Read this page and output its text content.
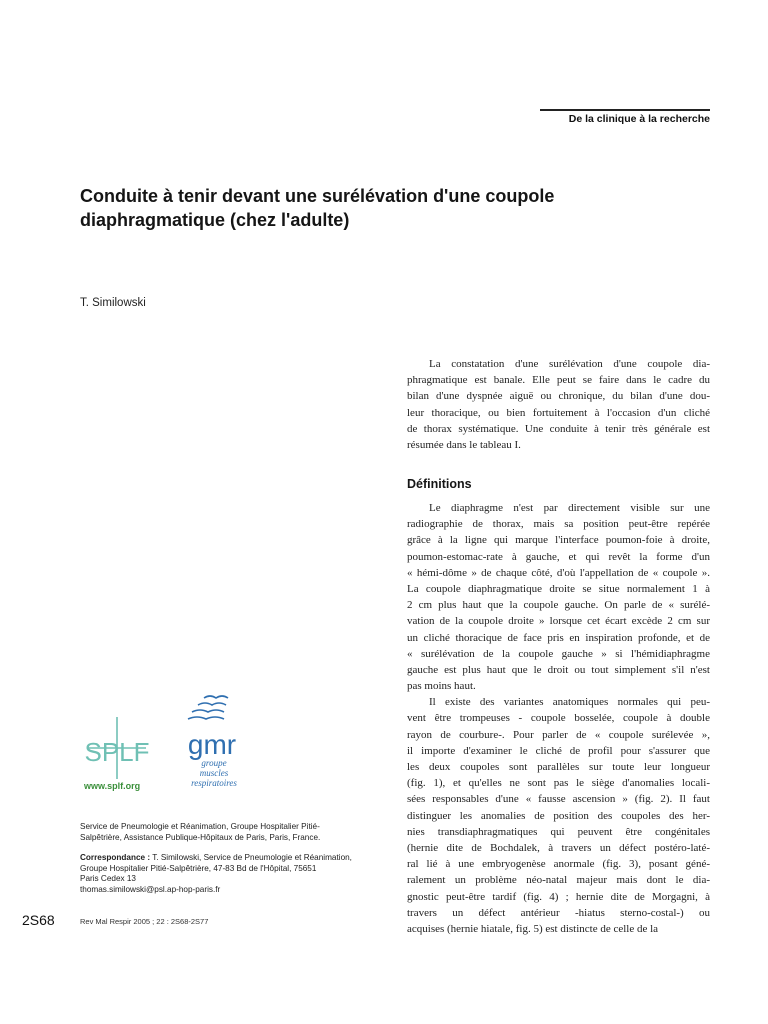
De la clinique à la recherche
Conduite à tenir devant une surélévation d'une coupole
diaphragmatique (chez l'adulte)
T. Similowski
La constatation d'une surélévation d'une coupole dia-
phragmatique est banale. Elle peut se faire dans le cadre du
bilan d'une dyspnée aiguë ou chronique, du bilan d'une dou-
leur thoracique, ou bien fortuitement à l'occasion d'un cliché
de thorax systématique. Une conduite à tenir très générale est
résumée dans le tableau I.
Définitions
Le diaphragme n'est par directement visible sur une
radiographie de thorax, mais sa position peut-être repérée
grâce à la ligne qui marque l'interface poumon-foie à droite,
poumon-estomac-rate à gauche, et qui revêt la forme d'un
« hémi-dôme » de chaque côté, d'où l'appellation de « coupole ».
La coupole diaphragmatique droite se situe normalement 1 à
2 cm plus haut que la coupole gauche. On parle de « surélé-
vation de la coupole droite » lorsque cet écart excède 2 cm sur
un cliché thoracique de face pris en inspiration profonde, et de
« surélévation de la coupole gauche » si l'hémidiaphragme
gauche est plus haut que le droit ou tout simplement s'il n'est
pas moins haut.
Il existe des variantes anatomiques normales qui peu-
vent être trompeuses - coupole bosselée, coupole à double
rayon de courbure-. Pour parler de « coupole surélevée »,
il importe d'examiner le cliché de profil pour s'assurer que
les deux coupoles sont parallèles sur toute leur longueur
(fig. 1), et qu'elles ne sont pas le siège d'anomalies locali-
sées responsables d'une « fausse ascension » (fig. 2). Il faut
distinguer les anomalies de position des coupoles des her-
nies transdiaphragmatiques qui peuvent être congénitales
(hernie dite de Bochdalek, à travers un défect postéro-laté-
ral lié à une embryogenèse anormale (fig. 3), posant géné-
ralement un problème néo-natal majeur mais dont le dia-
gnostic peut-être tardif (fig. 4) ; hernie dite de Morgagni, à
travers un défect antérieur -hiatus sterno-costal-) ou
acquises (hernie hiatale, fig. 5) est distincte de celle de la
SPLF
www.splf.org
gmr
groupe
muscles
respiratoires
Service de Pneumologie et Réanimation, Groupe Hospitalier Pitié-
Salpêtrière, Assistance Publique-Hôpitaux de Paris, Paris, France.
Correspondance : T. Similowski, Service de Pneumologie et Réanimation,
Groupe Hospitalier Pitié-Salpêtrière, 47-83 Bd de l'Hôpital, 75651
Paris Cedex 13
thomas.similowski@psl.ap-hop-paris.fr
2S68	Rev Mal Respir 2005 ; 22 : 2S68-2S77
